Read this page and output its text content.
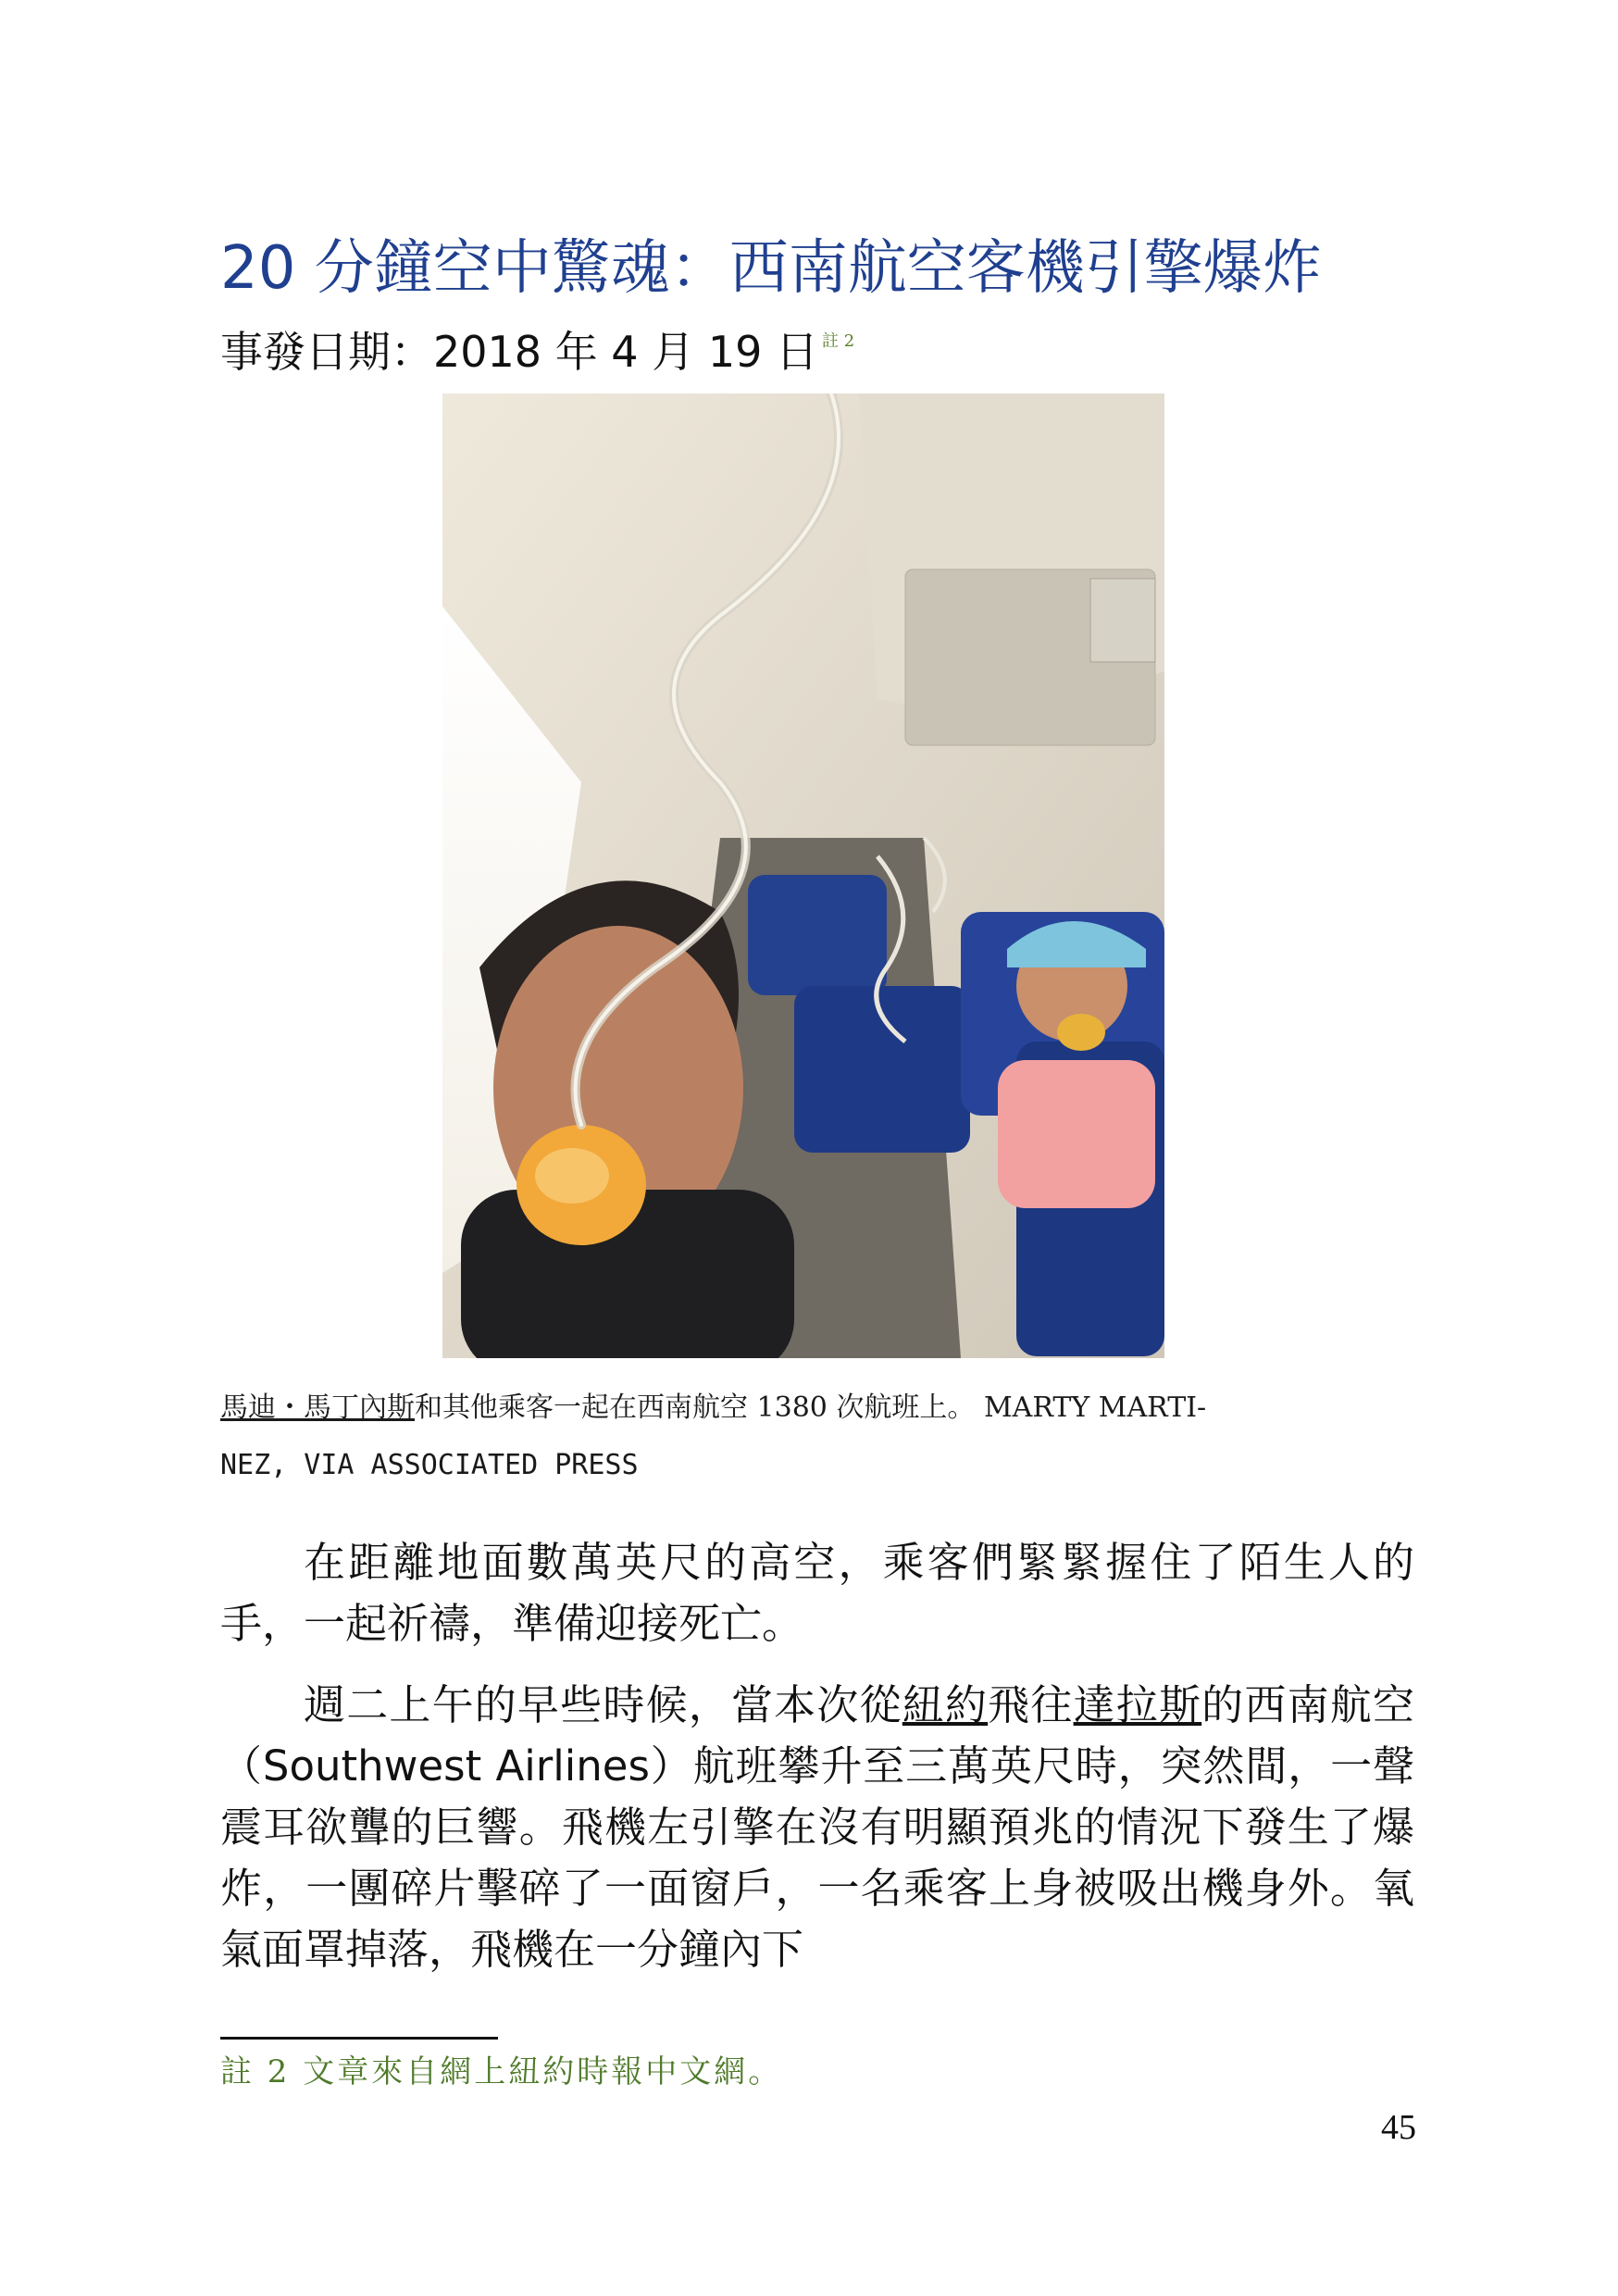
20 分鐘空中驚魂：西南航空客機引擎爆炸
事發日期：2018 年 4 月 19 日 $^{註 2}$
馬迪・馬丁內斯和其他乘客一起在西南航空 1380 次航班上。 MARTY MARTI-
NEZ, VIA ASSOCIATED PRESS

在距離地面數萬英尺的高空，乘客們緊緊握住了陌生人的手，一起祈禱，準備迎接死亡。

週二上午的早些時候，當本次從紐約飛往達拉斯的西南航空（Southwest Airlines）航班攀升至三萬英尺時，突然間，一聲震耳欲聾的巨響。飛機左引擎在沒有明顯預兆的情況下發生了爆炸，一團碎片擊碎了一面窗戶，一名乘客上身被吸出機身外。氧氣面罩掉落，飛機在一分鐘內下

註 2 文章來自網上紐約時報中文網。
45
